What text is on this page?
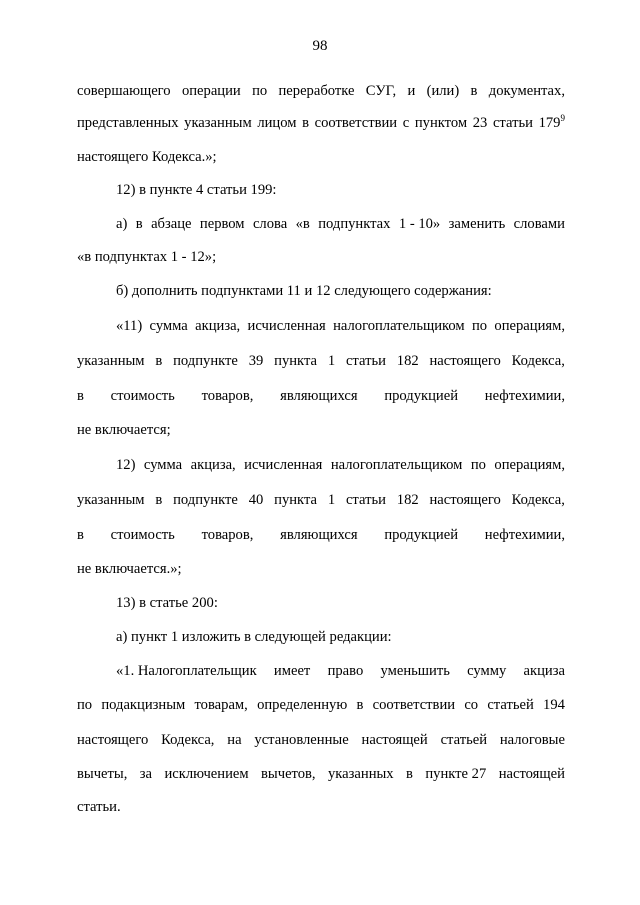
98
совершающего операции по переработке СУГ, и (или) в документах,
представленных указанным лицом в соответствии с пунктом 23 статьи $179^9$
настоящего Кодекса.»;
12) в пункте 4 статьи 199:
а) в абзаце первом слова «в подпунктах 1 - 10» заменить словами
«в подпунктах 1 - 12»;
б) дополнить подпунктами 11 и 12 следующего содержания:
«11) сумма акциза, исчисленная налогоплательщиком по операциям,
указанным в подпункте 39 пункта 1 статьи 182 настоящего Кодекса,
в стоимость товаров, являющихся продукцией нефтехимии,
не включается;
12) сумма акциза, исчисленная налогоплательщиком по операциям,
указанным в подпункте 40 пункта 1 статьи 182 настоящего Кодекса,
в стоимость товаров, являющихся продукцией нефтехимии,
не включается.»;
13) в статье 200:
а) пункт 1 изложить в следующей редакции:
«1. Налогоплательщик имеет право уменьшить сумму акциза
по подакцизным товарам, определенную в соответствии со статьей 194
настоящего Кодекса, на установленные настоящей статьей налоговые
вычеты, за исключением вычетов, указанных в пункте 27 настоящей
статьи.
